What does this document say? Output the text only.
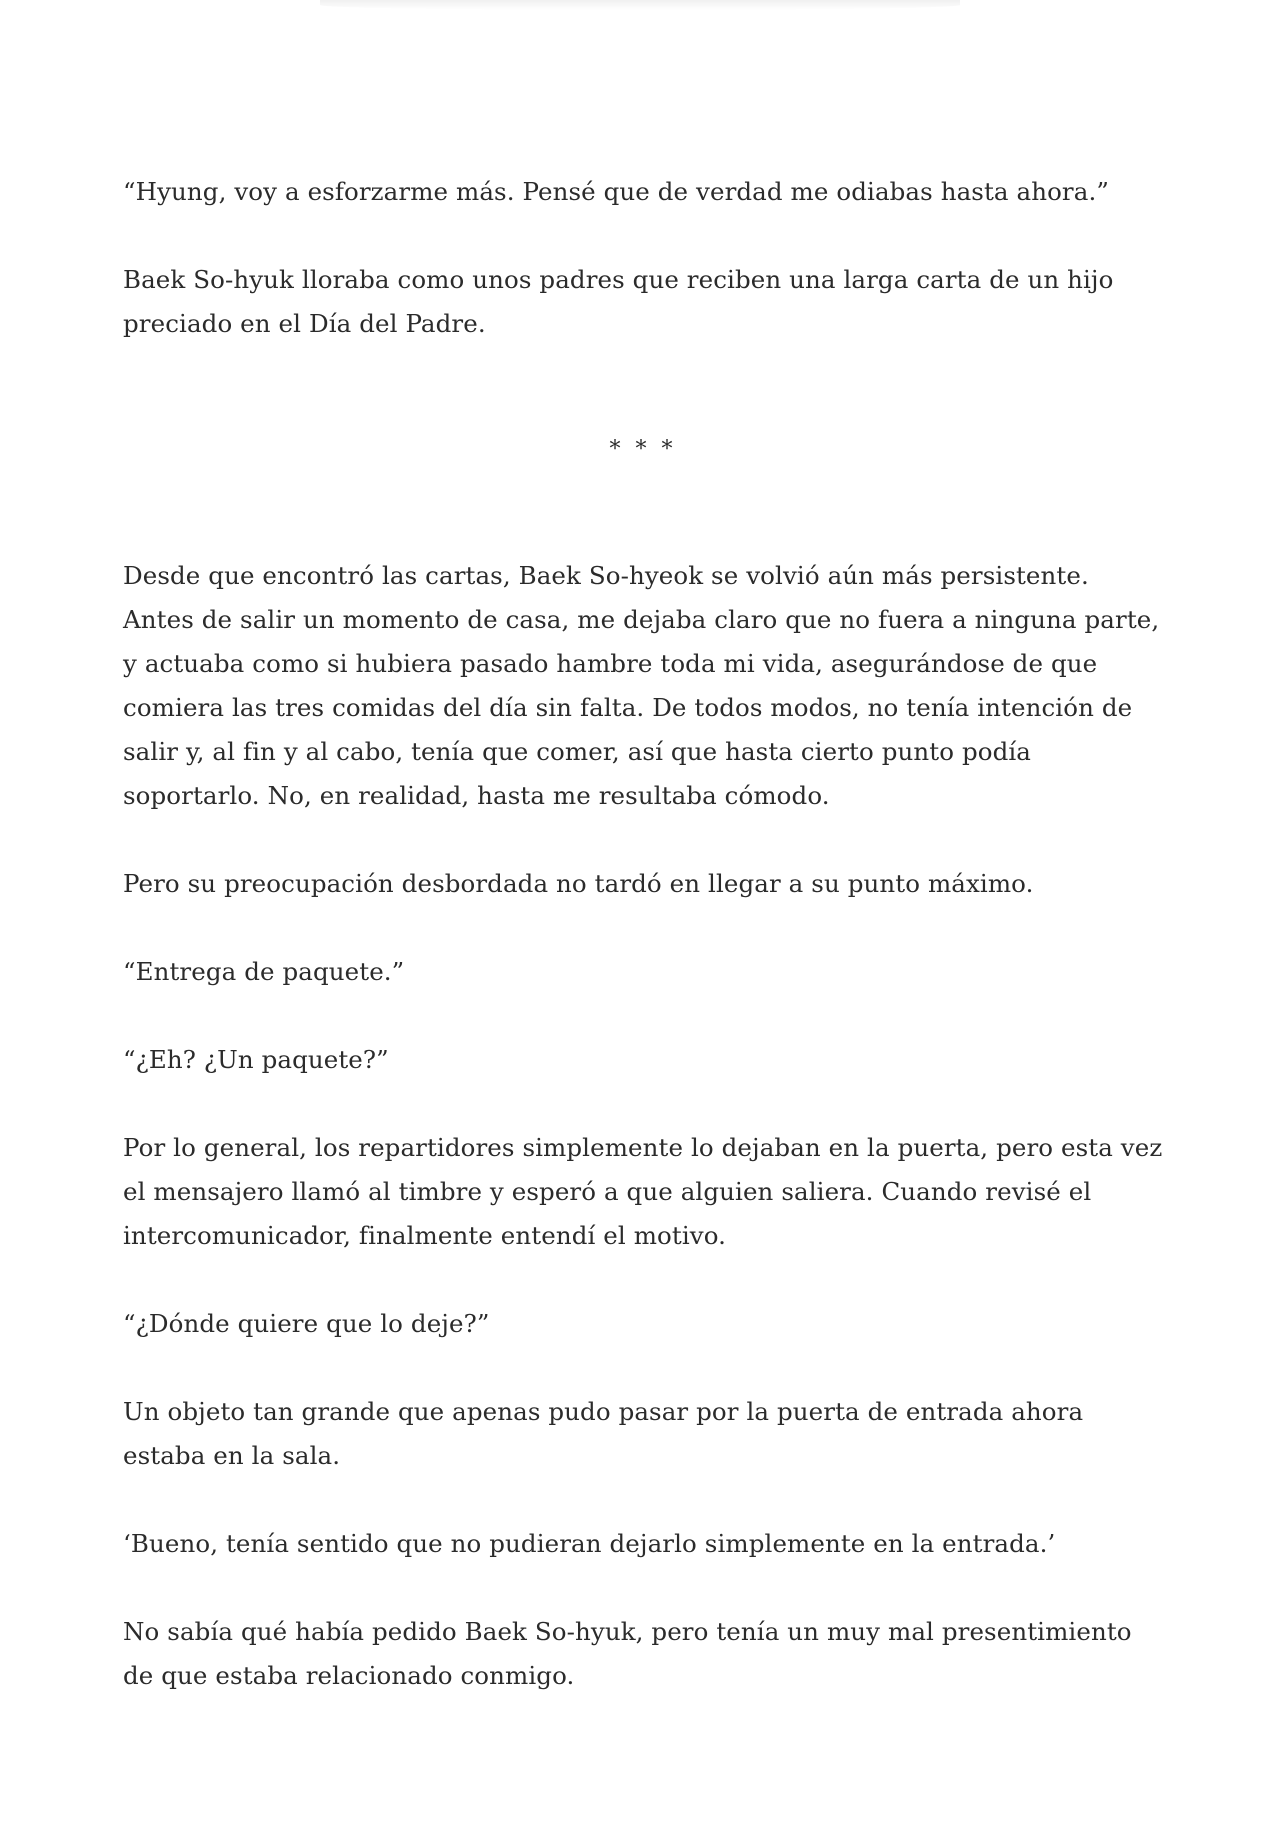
“Hyung, voy a esforzarme más. Pensé que de verdad me odiabas hasta ahora.”

Baek So-hyuk lloraba como unos padres que reciben una larga carta de un hijo preciado en el Día del Padre.

* * *

Desde que encontró las cartas, Baek So-hyeok se volvió aún más persistente. Antes de salir un momento de casa, me dejaba claro que no fuera a ninguna parte, y actuaba como si hubiera pasado hambre toda mi vida, asegurándose de que comiera las tres comidas del día sin falta. De todos modos, no tenía intención de salir y, al fin y al cabo, tenía que comer, así que hasta cierto punto podía soportarlo. No, en realidad, hasta me resultaba cómodo.

Pero su preocupación desbordada no tardó en llegar a su punto máximo.

“Entrega de paquete.”

“¿Eh? ¿Un paquete?”

Por lo general, los repartidores simplemente lo dejaban en la puerta, pero esta vez el mensajero llamó al timbre y esperó a que alguien saliera. Cuando revisé el intercomunicador, finalmente entendí el motivo.

“¿Dónde quiere que lo deje?”

Un objeto tan grande que apenas pudo pasar por la puerta de entrada ahora estaba en la sala.

‘Bueno, tenía sentido que no pudieran dejarlo simplemente en la entrada.’

No sabía qué había pedido Baek So-hyuk, pero tenía un muy mal presentimiento de que estaba relacionado conmigo.
